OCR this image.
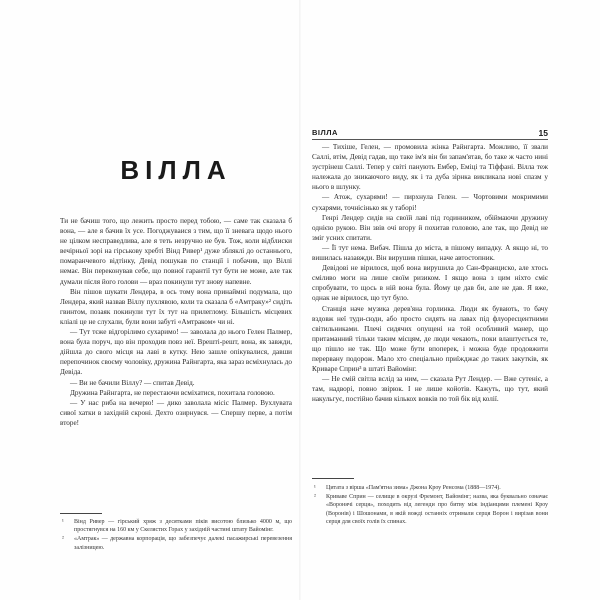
ВІЛЛА

Ти не бачиш того, що лежить просто перед тобою, — саме так сказала б вона, — але я бачив їх усе. Погоджуваися з тим, що її зневага щодо нього не цілком несправедлива, але я теть незручно не був. Тож, коли відблиски вечірньої зорі на гірськову хребті Вінд Ривер¹ дуже збляклі до останнього, помаранчевого відтінку, Девід пошукав по станції і побачив, що Віллі немає. Він переконував себе, що повної гарантії тут бути не може, але так думали після його голови — враз покинули тут знову напевне.

Він пішов шукати Лендера, в ось тому вона принаймні подумала, що Лендера, який назвав Віллу пухлявою, коли та сказала б «Амтраку»² сидіть гвинтом, позаяк покинули тут їх тут на прилеглому. Більшість місцевих кліалі це не слухали, були вони забуті «Амтраком» чи ні.

— Тут тєже відгорілимо сухаримо! — заволала до нього Гелен Палмер, вона була поруч, що він проходив повз неї. Врешті-решт, вона, як завжди, дійшла до свого місця на лаві в кутку. Нею зашле опікувалися, давши перепочинок своєму чоловіку, дружина Райнгарта, яка зараз всміхнулась до Девіда.

— Ви не бачили Віллу? — спитав Девід.

Дружина Райнгарта, не перестаючи всміхатися, похитала головою.

— У нас риба на вечерю! — дико заволала місіс Палмер. Вухлувата сивої хатки в західній скроні. Дехто озирнувся. — Спершу перве, а потім вторе!

¹	Вінд Ривер — гірський хряж з десятками піків висотою близько 4000 м, що простягнувся на 160 км у Скелястих Горах у західній частині штату Вайомінг.
²	«Амтрак» — державна корпорація, що забезпечує далекі пасажирські перевезення залізницею.
ВІЛЛА	15

— Тихіше, Гелен, — промовила жінка Райнгарта. Можливо, її звали Саллі, втім, Девід гадав, що таке ім'я він би запам'ятав, бо таке ж часто нині зустрінеш Саллі. Тепер у світі панують Ембер, Еміці та Тіффані. Вілла теж належала до зникаючого виду, як і та дуба зірнка викликала нові спазм у нього в шлунку.

— Атож, сухарями! — пирхнула Гелен. — Чортовими мокримими сухарями, точнісінько як у таборі!

Генрі Лендер сидів на своїй лаві під годинником, обіймаючи дружину однією рукою. Він звів очі вгору й похитав головою, але так, що Девід не зміг усних спитати.

— Її тут нема. Вибач. Пішла до міста, в пішому випадку. А якщо ні, то вишилась назавжди. Він вирушив пішки, наче автостопник.

Девідові не вірилося, щоб вона вирушила до Сан-Франциско, але хтось сміливо моги на лише своїм ризиком. І якщо вона з цим ніхто сміє спробувати, то щось в ній вона була. Йому це дав би, але не дав. Я вже, однак не вірилося, що тут було.

Станція наче музика дерев'яна горлинка. Люди як бувають, то бачу вздовж неї туди-сюди, або просто сидять на лавах під флуоресцентними світильниками. Плечі сидячих опущені на той особливий манер, що притаманний тільки таким місцям, де люди чекають, поки влаштується те, що пішло не так. Що може бути впоперек, і можна буде продовжити перервану подорож. Мало хто спеціально приїжджає до таких закутків, як Криваре Сприн³ в штаті Вайомінг.

— Не смій світла вслід за ним, — сказала Рут Лендер. — Вже сутеніє, а там, надворі, повно звірюк. І не лише койотів. Кажуть, що тут, який накульгує, постійно бачив кількох вовків по той бік від колії.

¹	Цитата з вірша «Пам'ятна зима» Джона Кроу Ренсома (1888—1974).
²	Криваве Сприн — селище в окрузі Фремонт, Вайомінг; назва, яка буквально означає «Воронячі серця», походить від легенди про битву між індіанцями племені Кроу (Воронів) і Шошонами, в якій вожді останніх отримали серця Ворон і вирізав вони серця для своїх голів їх спинах.
